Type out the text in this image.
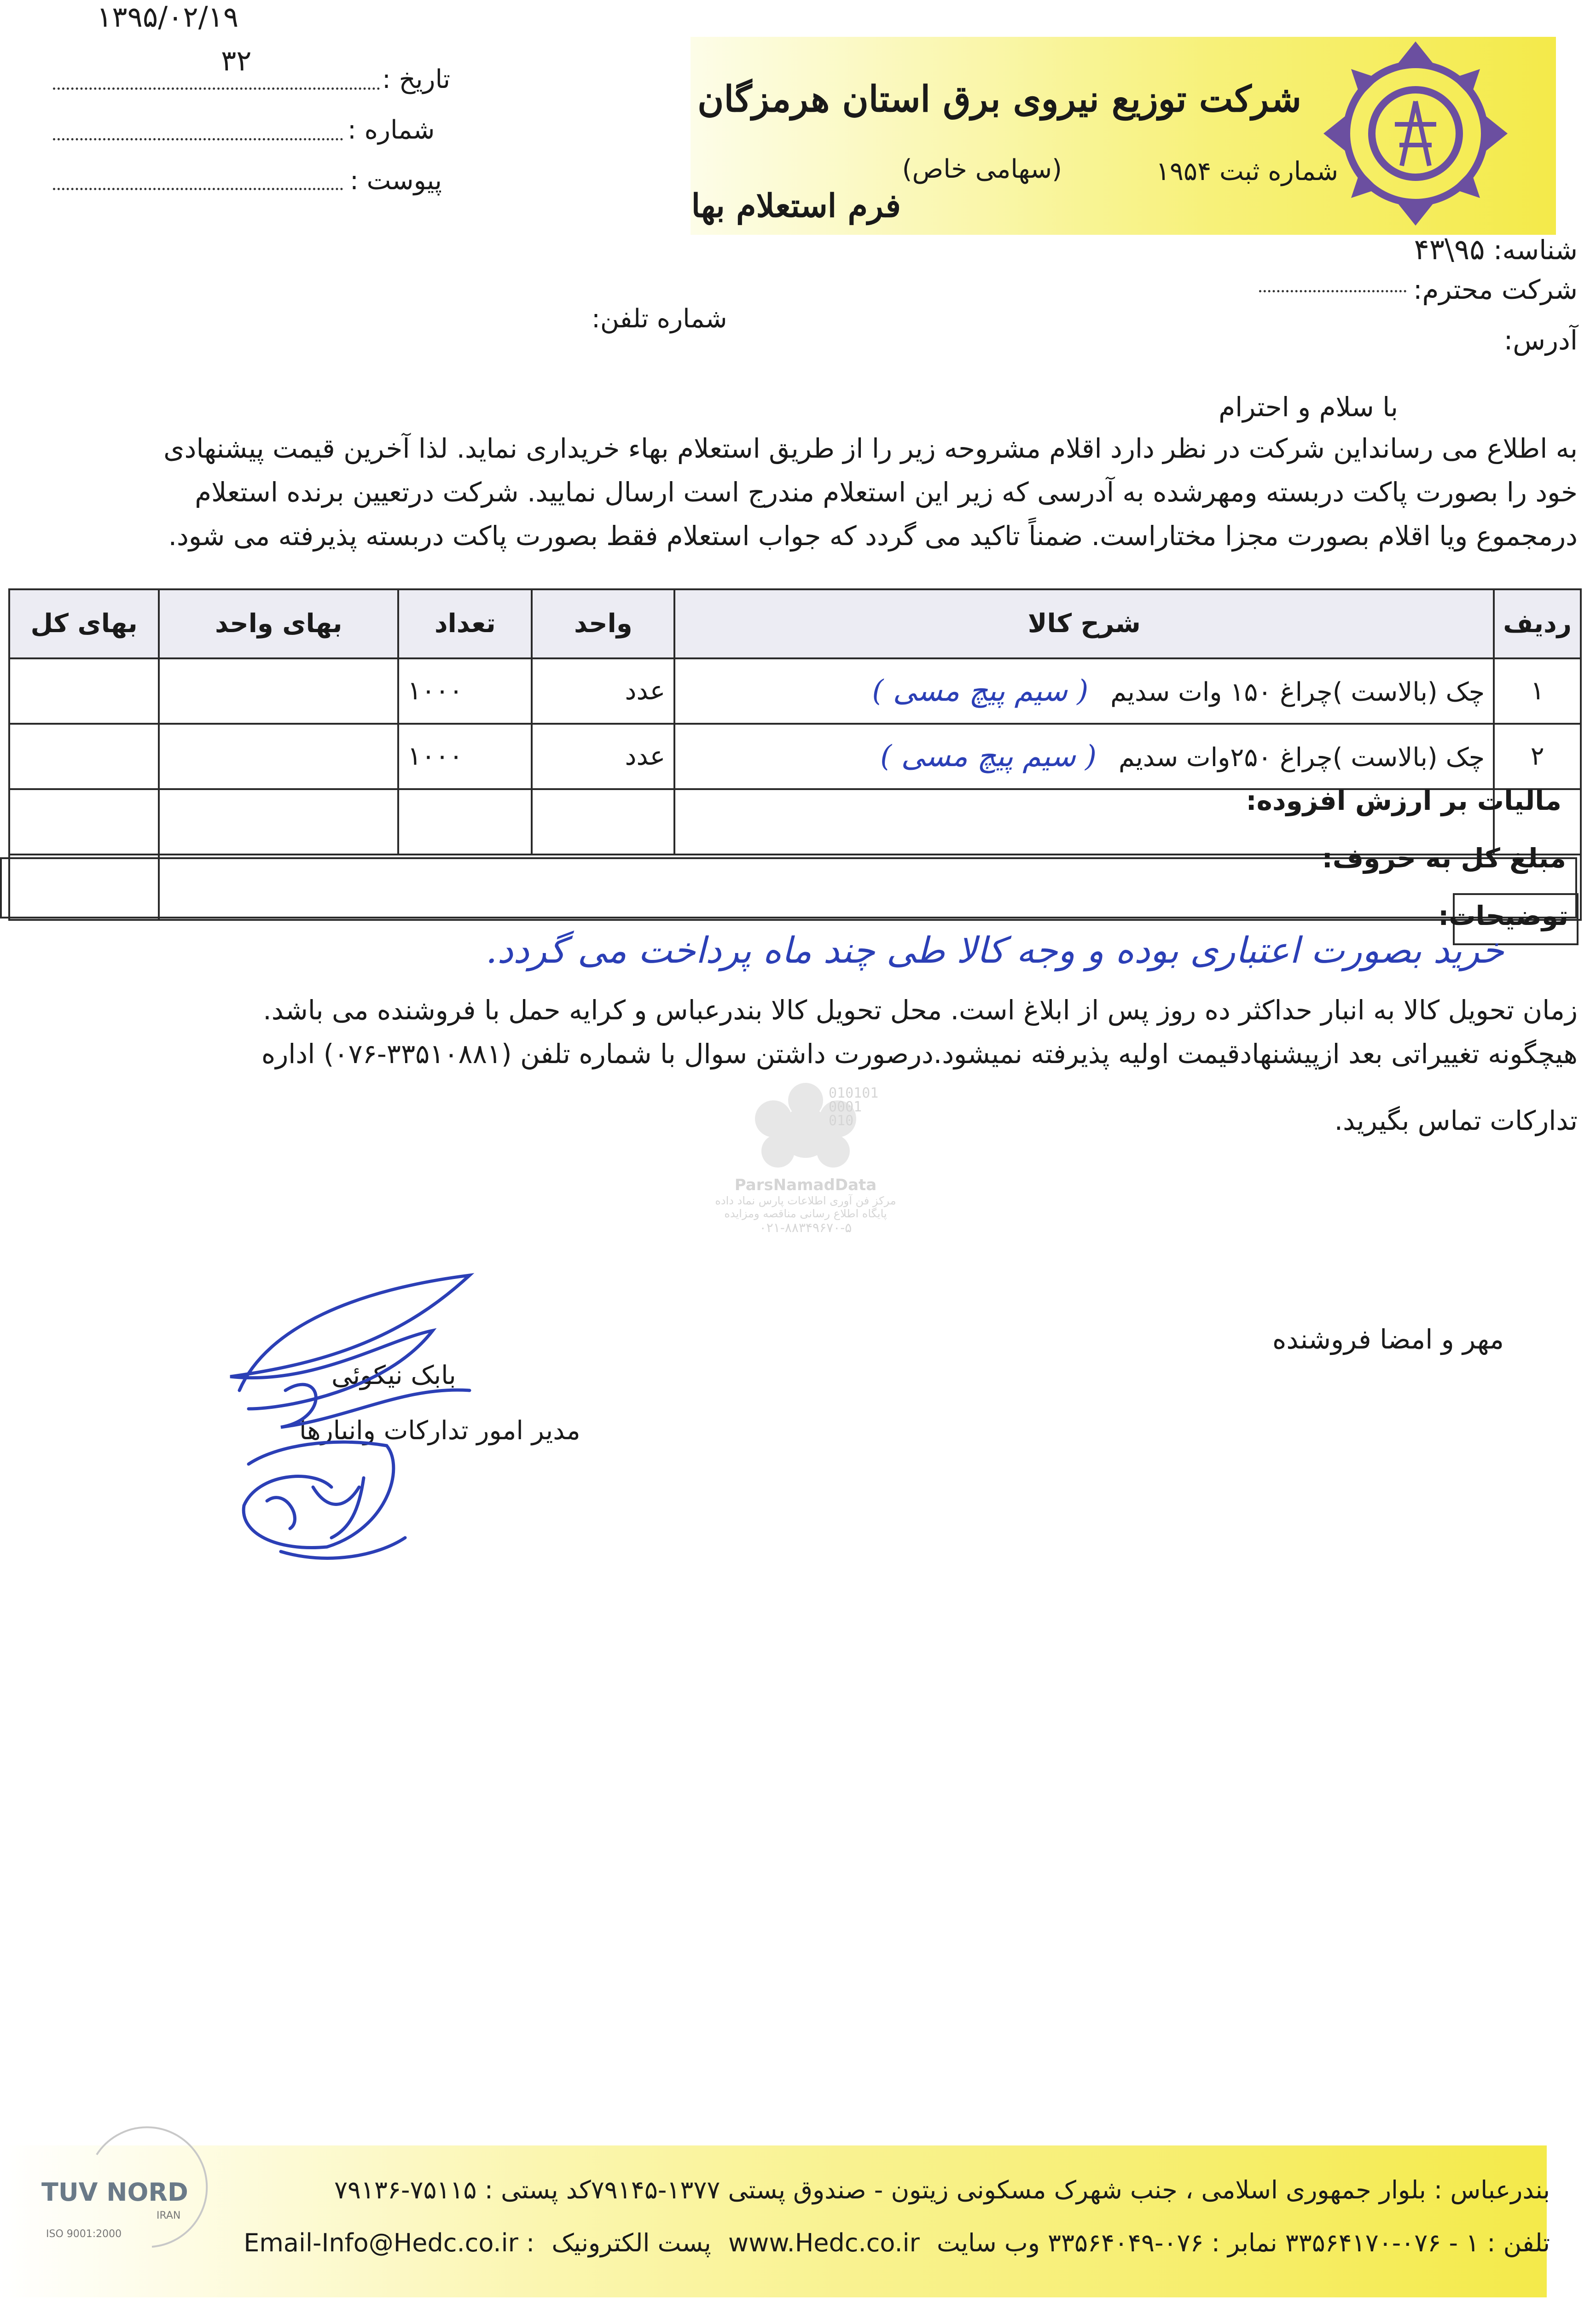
شرکت توزیع نیروی برق استان هرمزگان
(سهامی خاص)	شماره ثبت ۱۹۵۴
فرم استعلام بها
تاریخ :
شماره :
پیوست :
۱۳۹۵/۰۲/۱۹
۳۲
شناسه: ۹۵\۴۳
شرکت محترم:
شماره تلفن:
آدرس:
با سلام و احترام
به اطلاع می رسانداین شرکت در نظر دارد اقلام مشروحه زیر را از طریق استعلام بهاء خریداری نماید. لذا آخرین قیمت پیشنهادی
خود را بصورت پاکت دربسته ومهرشده به آدرسی که زیر این استعلام مندرج است ارسال نمایید. شرکت درتعیین برنده استعلام
درمجموع ویا اقلام بصورت مجزا مختاراست. ضمناً تاکید می گردد که جواب استعلام فقط بصورت پاکت دربسته پذیرفته می شود.
ردیف	شرح کالا	واحد	تعداد	بهای واحد	بهای کل
۱	چک (بالاست )چراغ ۱۵۰ وات سدیم ( سیم پیچ مسی )	عدد	۱۰۰۰		
۲	چک (بالاست )چراغ ۲۵۰وات سدیم ( سیم پیچ مسی )	عدد	۱۰۰۰		

مالیات بر ارزش افزوده:
مبلغ کل به حروف:
توضیحات:
خرید بصورت اعتباری بوده و وجه کالا طی چند ماه پرداخت می گردد.
زمان تحویل کالا به انبار حداکثر ده روز پس از ابلاغ است. محل تحویل کالا بندرعباس و کرایه حمل با فروشنده می باشد.
هیچگونه تغییراتی بعد ازپیشنهادقیمت اولیه پذیرفته نمیشود.درصورت داشتن سوال با شماره تلفن (۳۳۵۱۰۸۸۱-۰۷۶) اداره
تدارکات تماس بگیرید.
010101
0001
010
ParsNamadData
مرکز فن آوری اطلاعات پارس نماد داده
پایگاه اطلاع رسانی مناقصه ومزایده
۰۲۱-۸۸۳۴۹۶۷۰-۵
مهر و امضا فروشنده
بابک نیکوئی
مدیر امور تدارکات وانبارها
TUV NORD
IRAN
ISO 9001:2000
بندرعباس : بلوار جمهوری اسلامی ، جنب شهرک مسکونی زیتون - صندوق پستی ۱۳۷۷-۷۹۱۴۵کد پستی : ۷۵۱۱۵-۷۹۱۳۶
تلفن : ۱ - ۰۷۶-۳۳۵۶۴۱۷۰ نمابر : ۰۷۶-۳۳۵۶۴۰۴۹ وب سایت www.Hedc.co.ir پست الکترونیک Email-Info@Hedc.co.ir :
